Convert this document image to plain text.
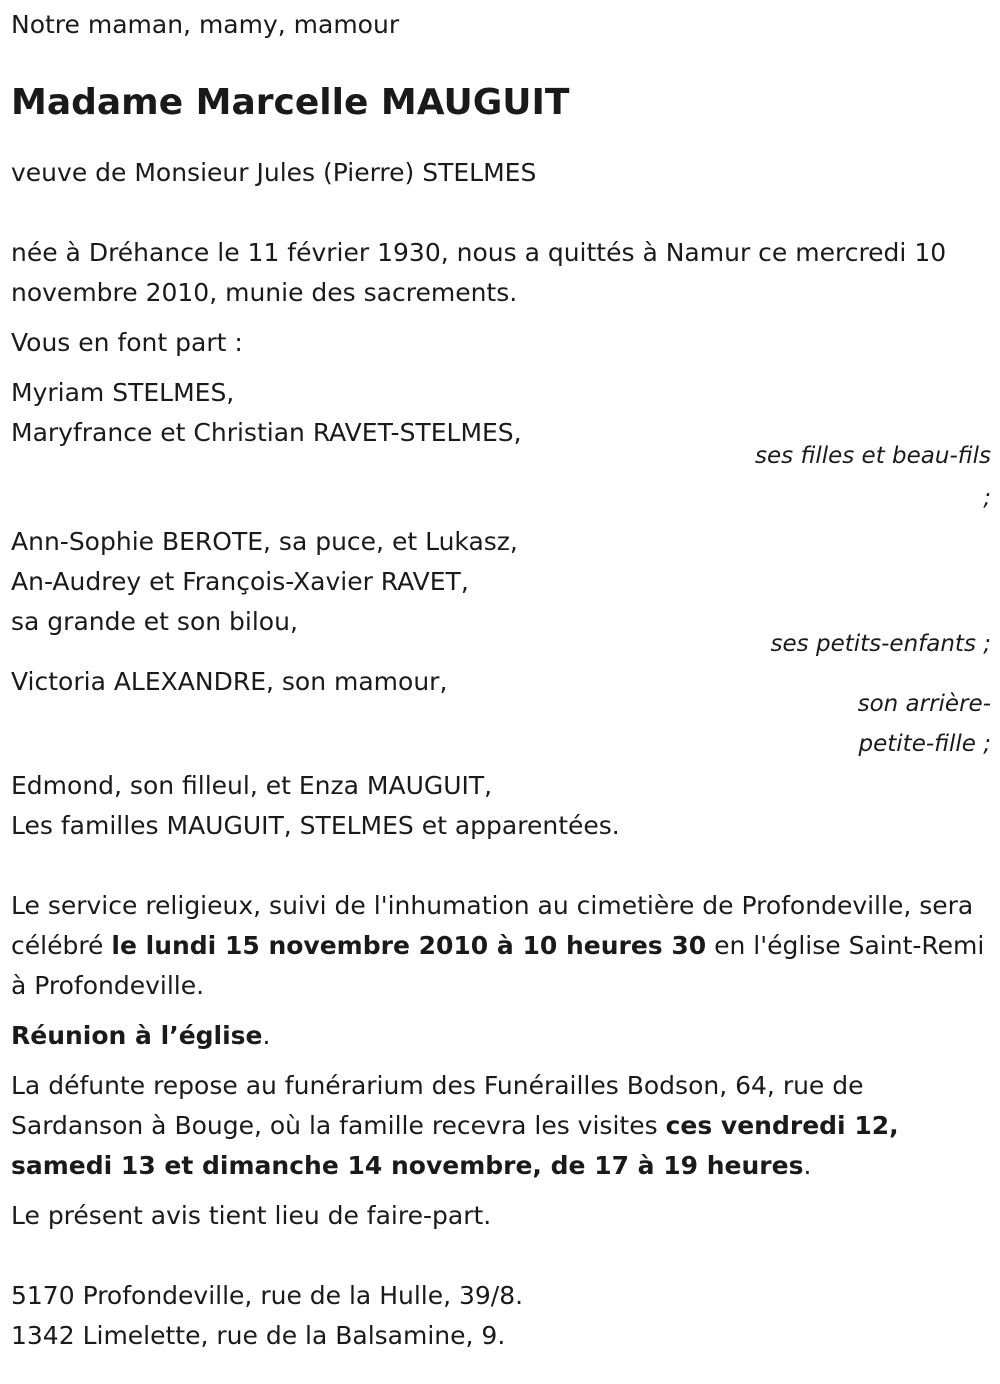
Notre maman, mamy, mamour
Madame Marcelle MAUGUIT
veuve de Monsieur Jules (Pierre) STELMES
née à Dréhance le 11 février 1930, nous a quittés à Namur ce mercredi 10 novembre 2010, munie des sacrements.
Vous en font part :
Myriam STELMES,
Maryfrance et Christian RAVET-STELMES,
ses filles et beau-fils
;
Ann-Sophie BEROTE, sa puce, et Lukasz,
An-Audrey et François-Xavier RAVET,
sa grande et son bilou,
ses petits-enfants ;
Victoria ALEXANDRE, son mamour,
son arrière-
petite-fille ;
Edmond, son filleul, et Enza MAUGUIT,
Les familles MAUGUIT, STELMES et apparentées.
Le service religieux, suivi de l'inhumation au cimetière de Profondeville, sera célébré le lundi 15 novembre 2010 à 10 heures 30 en l'église Saint-Remi à Profondeville.
Réunion à l’église.
La défunte repose au funérarium des Funérailles Bodson, 64, rue de Sardanson à Bouge, où la famille recevra les visites ces vendredi 12, samedi 13 et dimanche 14 novembre, de 17 à 19 heures.
Le présent avis tient lieu de faire-part.
5170 Profondeville, rue de la Hulle, 39/8.
1342 Limelette, rue de la Balsamine, 9.
